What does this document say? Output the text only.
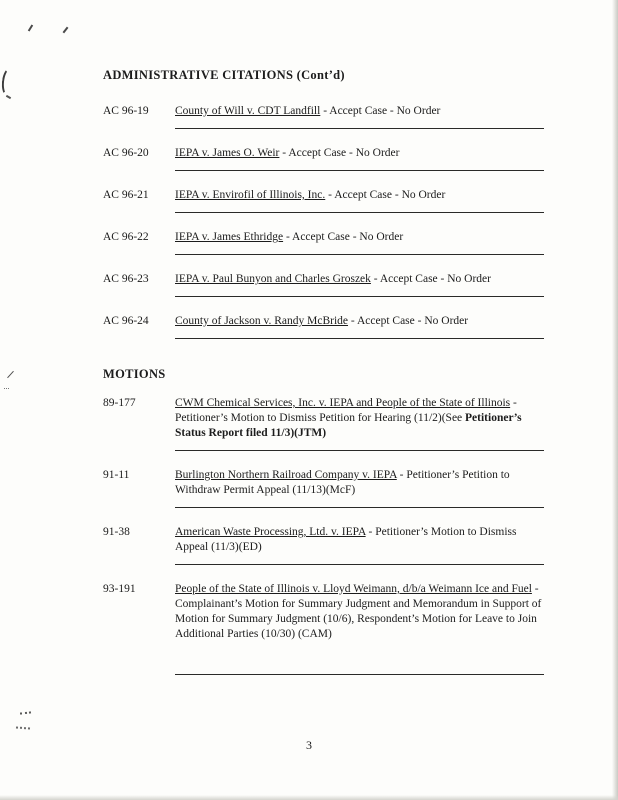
ADMINISTRATIVE CITATIONS (Cont’d)
AC 96-19	County of Will v. CDT Landfill - Accept Case - No Order
AC 96-20	IEPA v. James O. Weir - Accept Case - No Order
AC 96-21	IEPA v. Envirofil of Illinois, Inc. - Accept Case - No Order
AC 96-22	IEPA v. James Ethridge - Accept Case - No Order
AC 96-23	IEPA v. Paul Bunyon and Charles Groszek - Accept Case - No Order
AC 96-24	County of Jackson v. Randy McBride - Accept Case - No Order
MOTIONS
89-177	CWM Chemical Services, Inc. v. IEPA and People of the State of Illinois - Petitioner’s Motion to Dismiss Petition for Hearing (11/2)(See Petitioner’s Status Report filed 11/3)(JTM)
91-11	Burlington Northern Railroad Company v. IEPA - Petitioner’s Petition to Withdraw Permit Appeal (11/13)(McF)
91-38	American Waste Processing, Ltd. v. IEPA - Petitioner’s Motion to Dismiss Appeal (11/3)(ED)
93-191	People of the State of Illinois v. Lloyd Weimann, d/b/a Weimann Ice and Fuel - Complainant’s Motion for Summary Judgment and Memorandum in Support of Motion for Summary Judgment (10/6), Respondent’s Motion for Leave to Join Additional Parties (10/30) (CAM)
3
